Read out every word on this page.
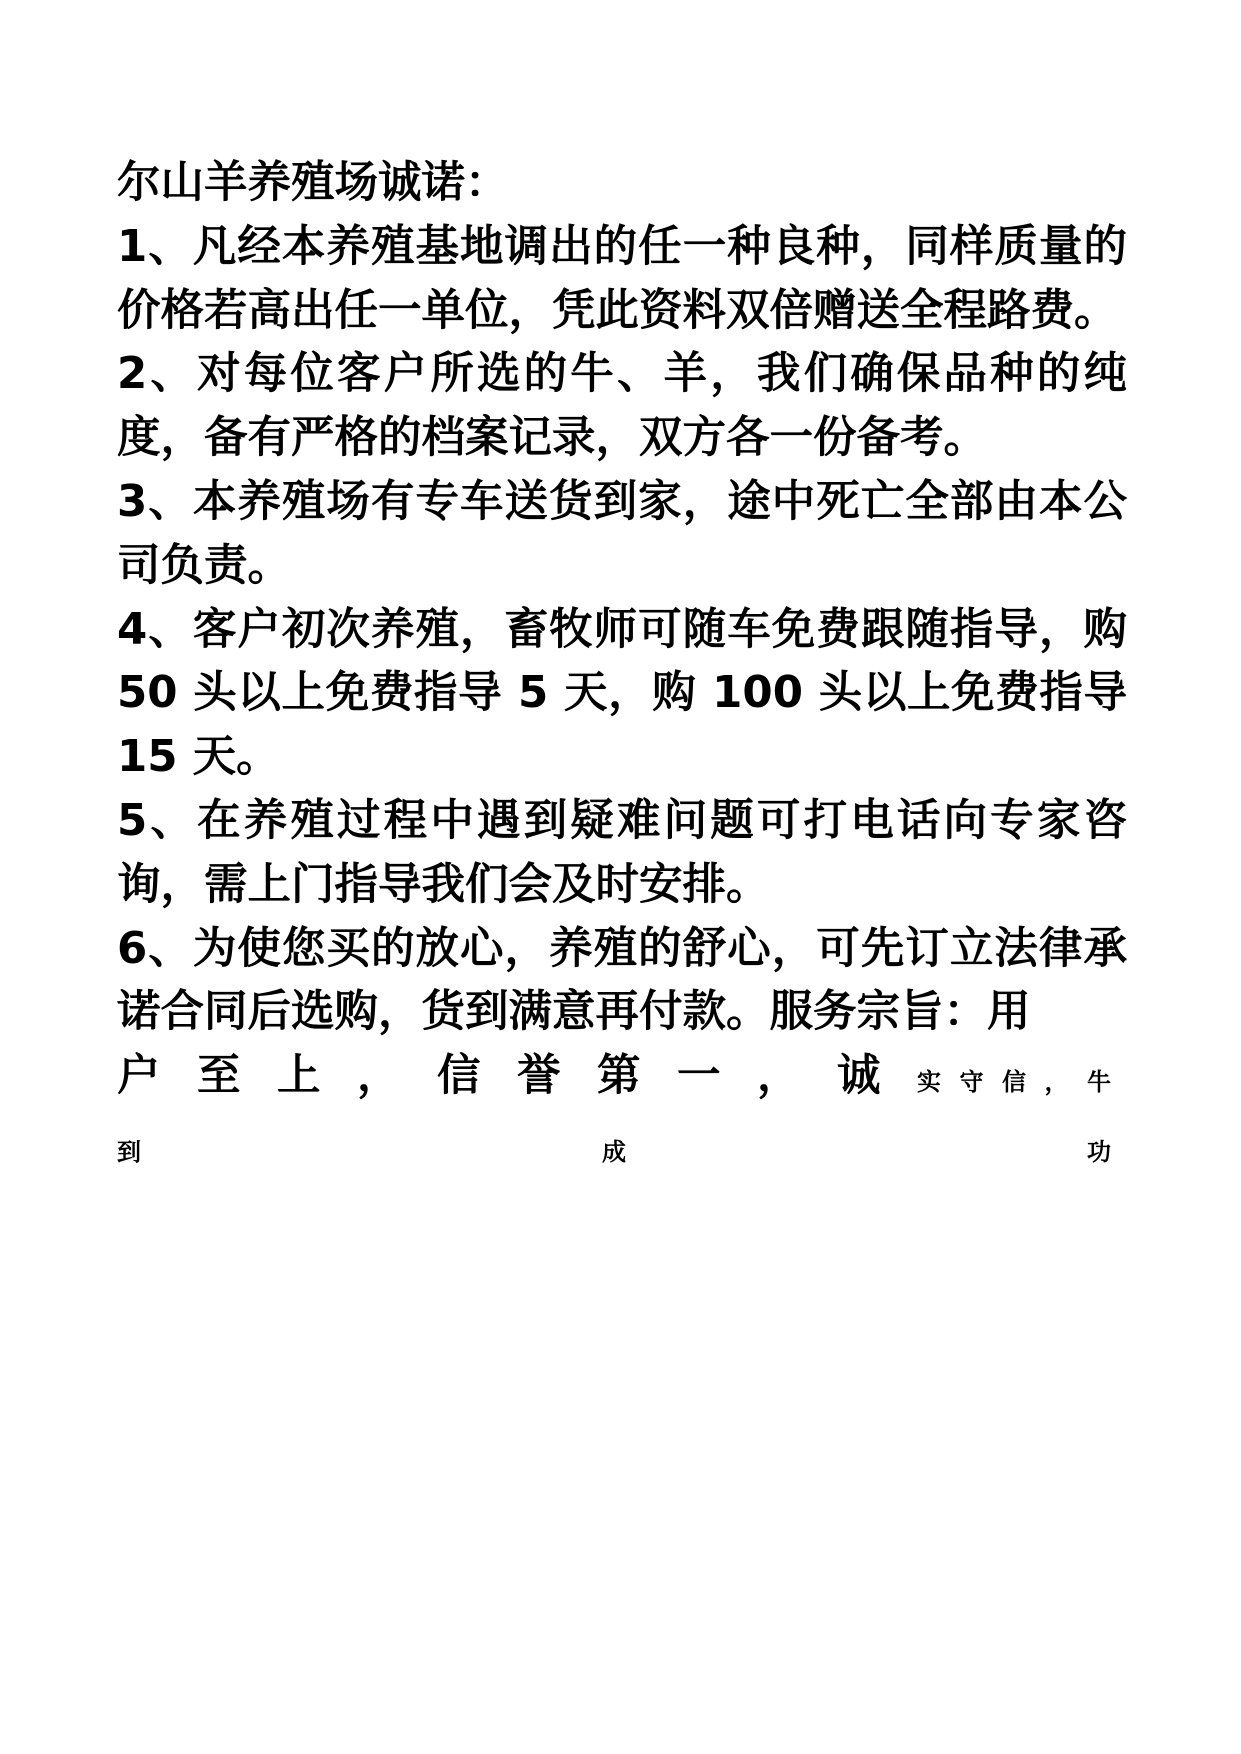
尔山羊养殖场诚诺：

1、凡经本养殖基地调出的任一种良种，同样质量的价格若高出任一单位，凭此资料双倍赠送全程路费。

2、对每位客户所选的牛、羊，我们确保品种的纯度，备有严格的档案记录，双方各一份备考。

3、本养殖场有专车送货到家，途中死亡全部由本公司负责。

4、客户初次养殖，畜牧师可随车免费跟随指导，购 50 头以上免费指导 5 天，购 100 头以上免费指导 15 天。

5、在养殖过程中遇到疑难问题可打电话向专家咨询，需上门指导我们会及时安排。

6、为使您买的放心，养殖的舒心，可先订立法律承诺合同后选购，货到满意再付款。服务宗旨：用

户至上，信誉第一，诚实守信，牛到成功
